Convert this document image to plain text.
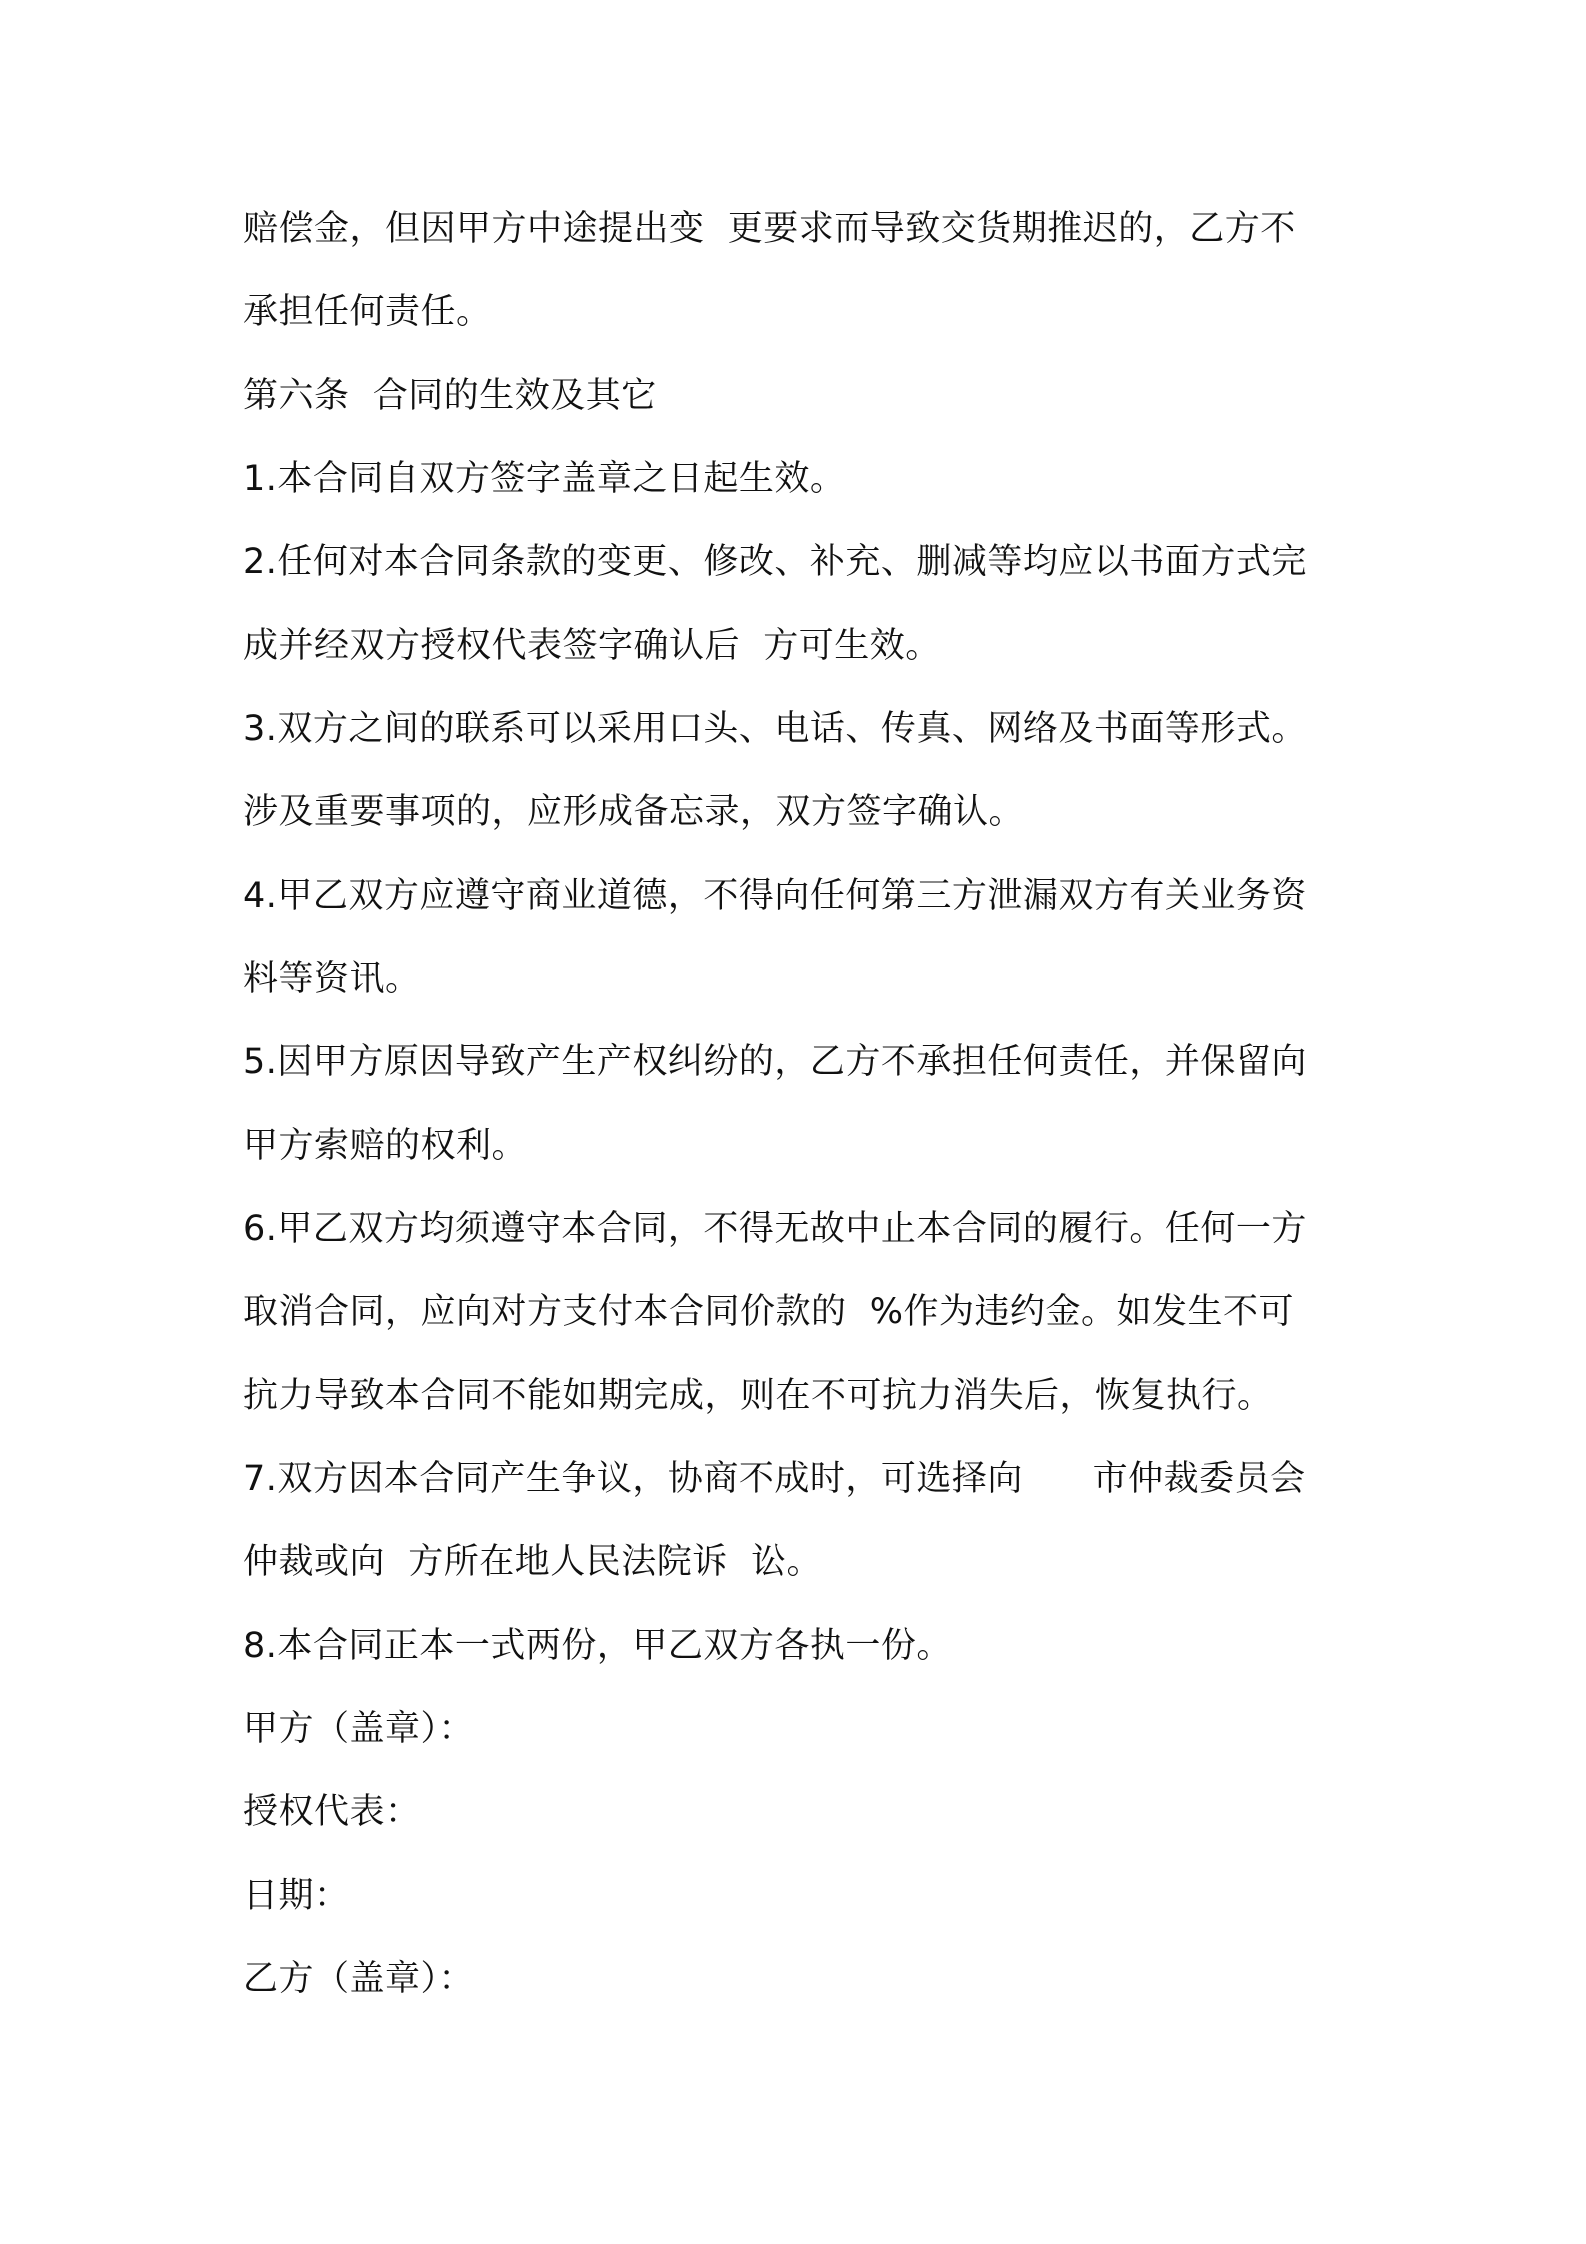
赔偿金，但因甲方中途提出变  更要求而导致交货期推迟的，乙方不
承担任何责任。
第六条  合同的生效及其它
1.本合同自双方签字盖章之日起生效。
2.任何对本合同条款的变更、修改、补充、删减等均应以书面方式完
成并经双方授权代表签字确认后  方可生效。
3.双方之间的联系可以采用口头、电话、传真、网络及书面等形式。
涉及重要事项的，应形成备忘录，双方签字确认。
4.甲乙双方应遵守商业道德，不得向任何第三方泄漏双方有关业务资
料等资讯。
5.因甲方原因导致产生产权纠纷的，乙方不承担任何责任，并保留向
甲方索赔的权利。
6.甲乙双方均须遵守本合同，不得无故中止本合同的履行。任何一方
取消合同，应向对方支付本合同价款的  %作为违约金。如发生不可
抗力导致本合同不能如期完成，则在不可抗力消失后，恢复执行。
7.双方因本合同产生争议，协商不成时，可选择向      市仲裁委员会
仲裁或向  方所在地人民法院诉  讼。
8.本合同正本一式两份，甲乙双方各执一份。
甲方（盖章）：
授权代表：
日期：
乙方（盖章）：
